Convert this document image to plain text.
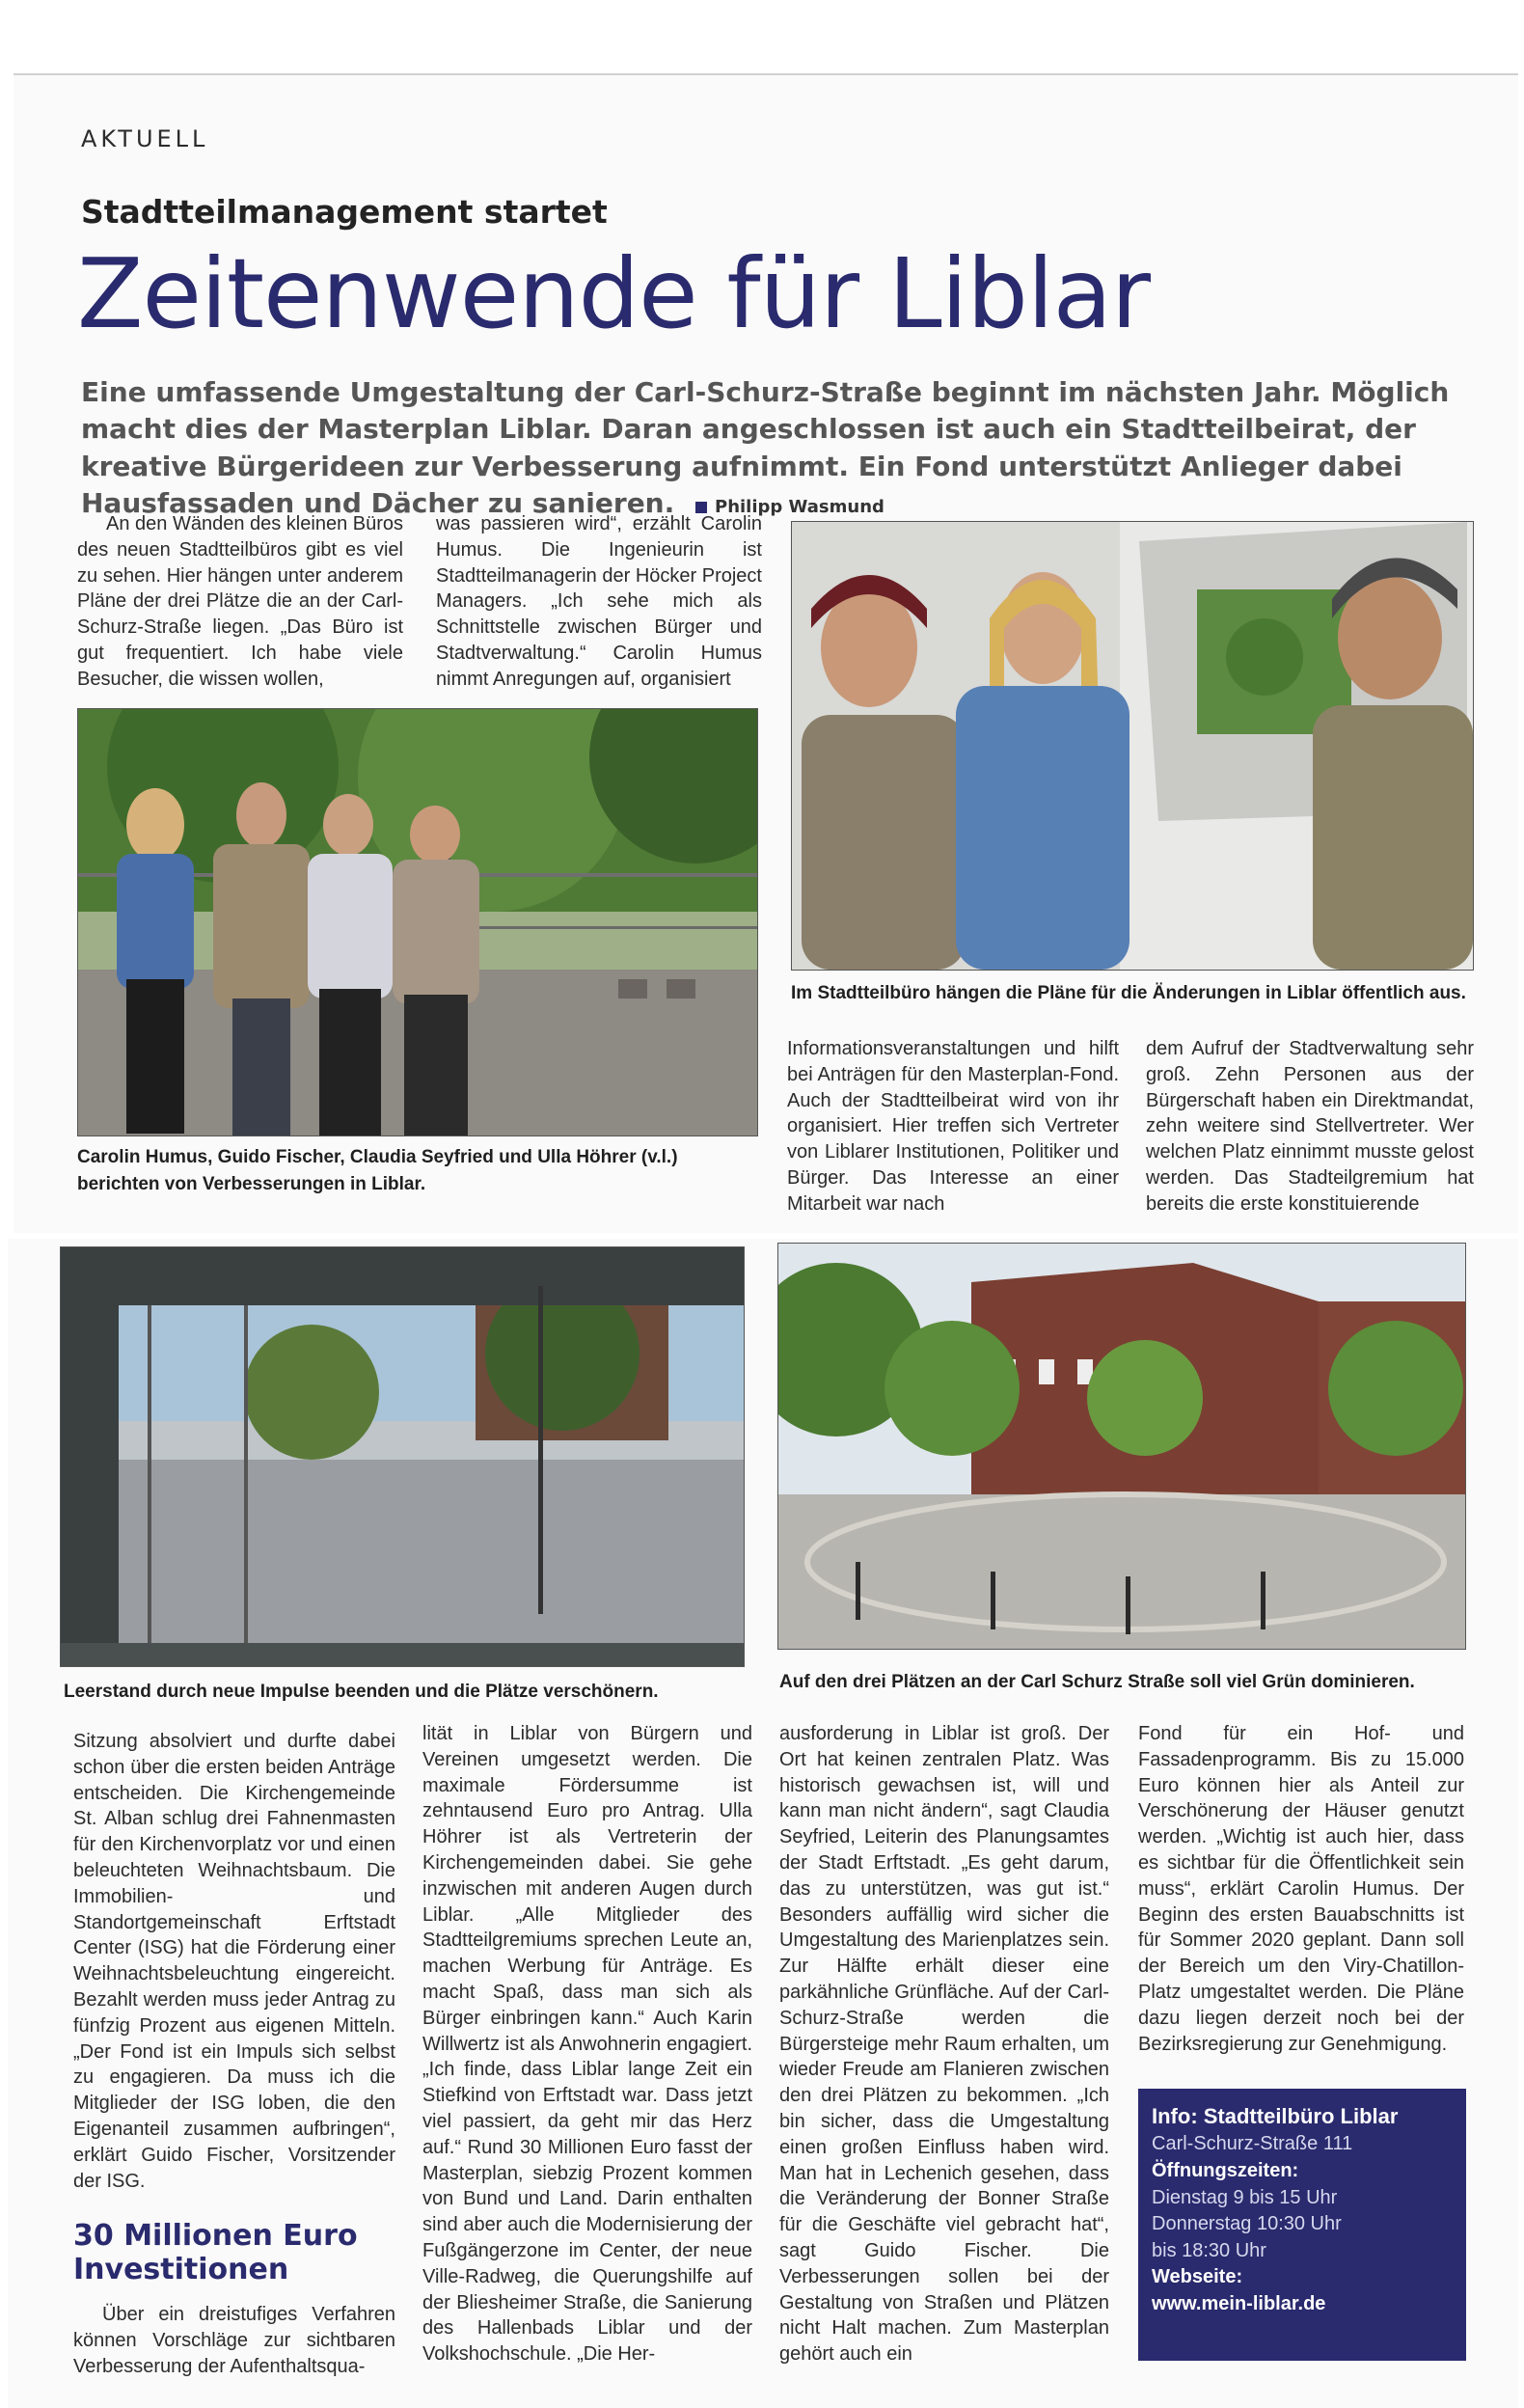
AKTUELL
Stadtteilmanagement startet
Zeitenwende für Liblar
Eine umfassende Umgestaltung der Carl-Schurz-Straße beginnt im nächsten Jahr. Möglich macht dies der Masterplan Liblar. Daran angeschlossen ist auch ein Stadtteilbeirat, der kreative Bürgerideen zur Verbesserung aufnimmt. Ein Fond unterstützt Anlieger dabei Hausfassaden und Dächer zu sanieren. Philipp Wasmund

An den Wänden des kleinen Büros des neuen Stadtteilbüros gibt es viel zu sehen. Hier hängen unter anderem Pläne der drei Plätze die an der Carl-Schurz-Straße liegen. „Das Büro ist gut frequentiert. Ich habe viele Besucher, die wissen wollen,

was passieren wird“, erzählt Carolin Humus. Die Ingenieurin ist Stadtteilmanagerin der Höcker Project Managers. „Ich sehe mich als Schnittstelle zwischen Bürger und Stadtverwaltung.“ Carolin Humus nimmt Anregungen auf, organisiert

Carolin Humus, Guido Fischer, Claudia Seyfried und Ulla Höhrer (v.l.) berichten von Verbesserungen in Liblar.
Im Stadtteilbüro hängen die Pläne für die Änderungen in Liblar öffentlich aus.

Informationsveranstaltungen und hilft bei Anträgen für den Masterplan-Fond. Auch der Stadtteilbeirat wird von ihr organisiert. Hier treffen sich Vertreter von Liblarer Institutionen, Politiker und Bürger. Das Interesse an einer Mitarbeit war nach

dem Aufruf der Stadtverwaltung sehr groß. Zehn Personen aus der Bürgerschaft haben ein Direktmandat, zehn weitere sind Stellvertreter. Wer welchen Platz einnimmt musste gelost werden. Das Stadteilgremium hat bereits die erste konstituierende

Leerstand durch neue Impulse beenden und die Plätze verschönern.	Auf den drei Plätzen an der Carl Schurz Straße soll viel Grün dominieren.

Sitzung absolviert und durfte dabei schon über die ersten beiden Anträge entscheiden. Die Kirchengemeinde St. Alban schlug drei Fahnenmasten für den Kirchenvorplatz vor und einen beleuchteten Weihnachtsbaum. Die Immobilien- und Standortgemeinschaft Erftstadt Center (ISG) hat die Förderung einer Weihnachtsbeleuchtung eingereicht. Bezahlt werden muss jeder Antrag zu fünfzig Prozent aus eigenen Mitteln. „Der Fond ist ein Impuls sich selbst zu engagieren. Da muss ich die Mitglieder der ISG loben, die den Eigenanteil zusammen aufbringen“, erklärt Guido Fischer, Vorsitzender der ISG.

30 Millionen Euro Investitionen

Über ein dreistufiges Verfahren können Vorschläge zur sichtbaren Verbesserung der Aufenthaltsqua-

lität in Liblar von Bürgern und Vereinen umgesetzt werden. Die maximale Fördersumme ist zehntausend Euro pro Antrag. Ulla Höhrer ist als Vertreterin der Kirchengemeinden dabei. Sie gehe inzwischen mit anderen Augen durch Liblar. „Alle Mitglieder des Stadtteilgremiums sprechen Leute an, machen Werbung für Anträge. Es macht Spaß, dass man sich als Bürger einbringen kann.“ Auch Karin Willwertz ist als Anwohnerin engagiert. „Ich finde, dass Liblar lange Zeit ein Stiefkind von Erftstadt war. Dass jetzt viel passiert, da geht mir das Herz auf.“ Rund 30 Millionen Euro fasst der Masterplan, siebzig Prozent kommen von Bund und Land. Darin enthalten sind aber auch die Modernisierung der Fußgängerzone im Center, der neue Ville-Radweg, die Querungshilfe auf der Bliesheimer Straße, die Sanierung des Hallenbads Liblar und der Volkshochschule. „Die Her-

ausforderung in Liblar ist groß. Der Ort hat keinen zentralen Platz. Was historisch gewachsen ist, will und kann man nicht ändern“, sagt Claudia Seyfried, Leiterin des Planungsamtes der Stadt Erftstadt. „Es geht darum, das zu unterstützen, was gut ist.“ Besonders auffällig wird sicher die Umgestaltung des Marienplatzes sein. Zur Hälfte erhält dieser eine parkähnliche Grünfläche. Auf der Carl-Schurz-Straße werden die Bürgersteige mehr Raum erhalten, um wieder Freude am Flanieren zwischen den drei Plätzen zu bekommen. „Ich bin sicher, dass die Umgestaltung einen großen Einfluss haben wird. Man hat in Lechenich gesehen, dass die Veränderung der Bonner Straße für die Geschäfte viel gebracht hat“, sagt Guido Fischer. Die Verbesserungen sollen bei der Gestaltung von Straßen und Plätzen nicht Halt machen. Zum Masterplan gehört auch ein

Fond für ein Hof- und Fassadenprogramm. Bis zu 15.000 Euro können hier als Anteil zur Verschönerung der Häuser genutzt werden. „Wichtig ist auch hier, dass es sichtbar für die Öffentlichkeit sein muss“, erklärt Carolin Humus. Der Beginn des ersten Bauabschnitts ist für Sommer 2020 geplant. Dann soll der Bereich um den Viry-Chatillon-Platz umgestaltet werden. Die Pläne dazu liegen derzeit noch bei der Bezirksregierung zur Genehmigung.

Info: Stadtteilbüro Liblar
Carl-Schurz-Straße 111
Öffnungszeiten:
Dienstag 9 bis 15 Uhr
Donnerstag 10:30 Uhr
bis 18:30 Uhr
Webseite:
www.mein-liblar.de
